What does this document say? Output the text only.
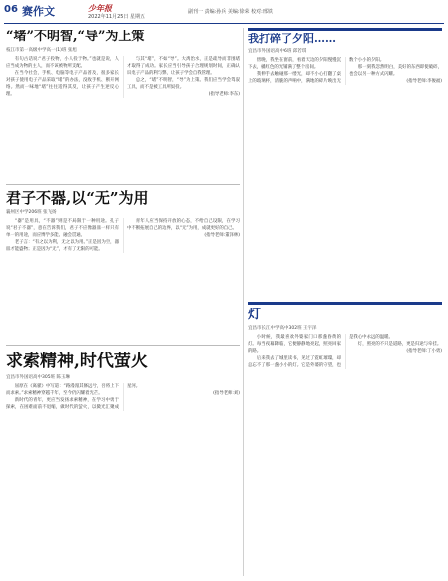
06 赛作文	少年报
2022年11月25日 星期五
副刊一 责编:孙兵 美编:徐荣 校对:邢铁
“堵”不明智,“导”为上策
枝江市第一高级中学高一(1)班 张旭

有句古话说:“君子役物，小人役于物。”也就是说，人应当成为物的主人，而不该被物所支配。

在当今社会，手机、电脑等电子产品普及，很多家长对孩子使用电子产品采取“堵”的办法，没收手机、断开网络。然而一味地“堵”往往适得其反，让孩子产生逆反心理。

与其“堵”，不如“导”。大禹治水，正是疏导而非围堵才取得了成功。家长应当引导孩子合理规划时间，正确认识电子产品的利与弊，让孩子学会自我管理。

总之，“堵”不明智，“导”为上策。我们应当学会驾驭工具，而不是被工具所奴役。

(指导老师:李东)

君子不器,以“无”为用
襄州区中学206班 张飞扬

“器”是用具，“不器”则是不局限于一种用途。孔子说“君子不器”，意在告诉我们，君子不应像器皿一样只有单一的用途，而应博学多能、融会贯通。

老子言：“有之以为利，无之以为用。”正是因为空，器皿才能盛物；正是因为“无”，才有了无限的可能。

青年人应当保持开放的心态，不给自己设限，在学习中不断拓展自己的边界，以“无”为用，成就更好的自己。

(指导老师:董泽林)

求索精神,时代萤火
宜昌市外国语高中305班 陈玉琳

屈原在《离骚》中写道：“路漫漫其修远兮，吾将上下而求索。”求索精神穿越千年，至今仍闪耀着光芒。

新时代的青年，更应当发扬求索精神，在学习中勇于探索，在困难面前不退缩，做时代的萤火，以微光汇聚成星河。

(指导老师:刘)

我打碎了夕阳……
宜昌市外国语高中6班 邱若琪

傍晚，我坐在窗前，看着天边的夕阳慢慢沉下去，橘红色的光铺满了整个房间。

我伸手去触碰那一缕光，却不小心打翻了桌上的玻璃杯，清脆的声响中，满地的碎片映出无数个小小的夕阳。

那一刻我忽然明白，美好的东西即使破碎，也会以另一种方式闪耀。

(指导老师:李俊福)

灯
宜昌市长江中学高中302班 王宇泽

小时候，我最喜欢外婆家门口那盏昏黄的灯。每当夜幕降临，它便静静地亮起，照亮回家的路。

后来我去了城里读书，见过了霓虹璀璨，却总忘不了那一盏小小的灯。它是外婆的守望，也是我心中永远的温暖。

灯，照亮的不只是道路，更是归途与牵挂。

(指导老师:丁小勇)
